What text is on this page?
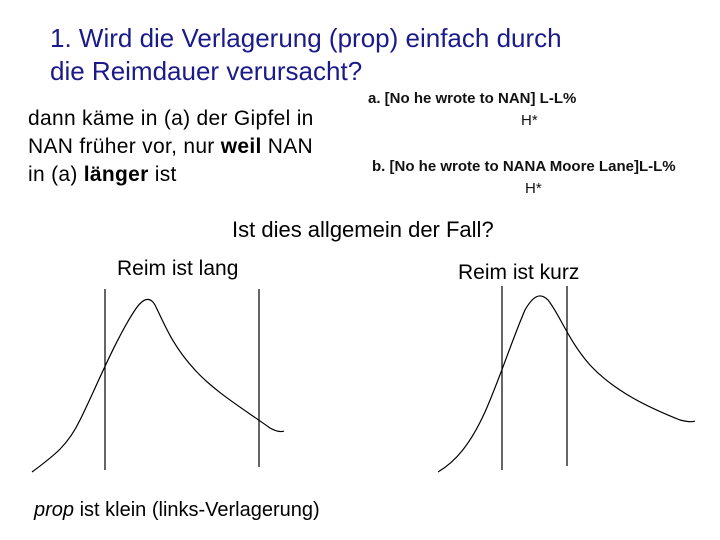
1. Wird die Verlagerung (prop) einfach durch
die Reimdauer verursacht?
dann käme in (a) der Gipfel in
NAN früher vor, nur weil NAN
in (a) länger ist
a. [No he wrote to NAN] L-L%
H*
b. [No he wrote to NANA Moore Lane]L-L%
H*
Ist dies allgemein der Fall?
Reim ist lang	Reim ist kurz
prop ist klein (links-Verlagerung)
